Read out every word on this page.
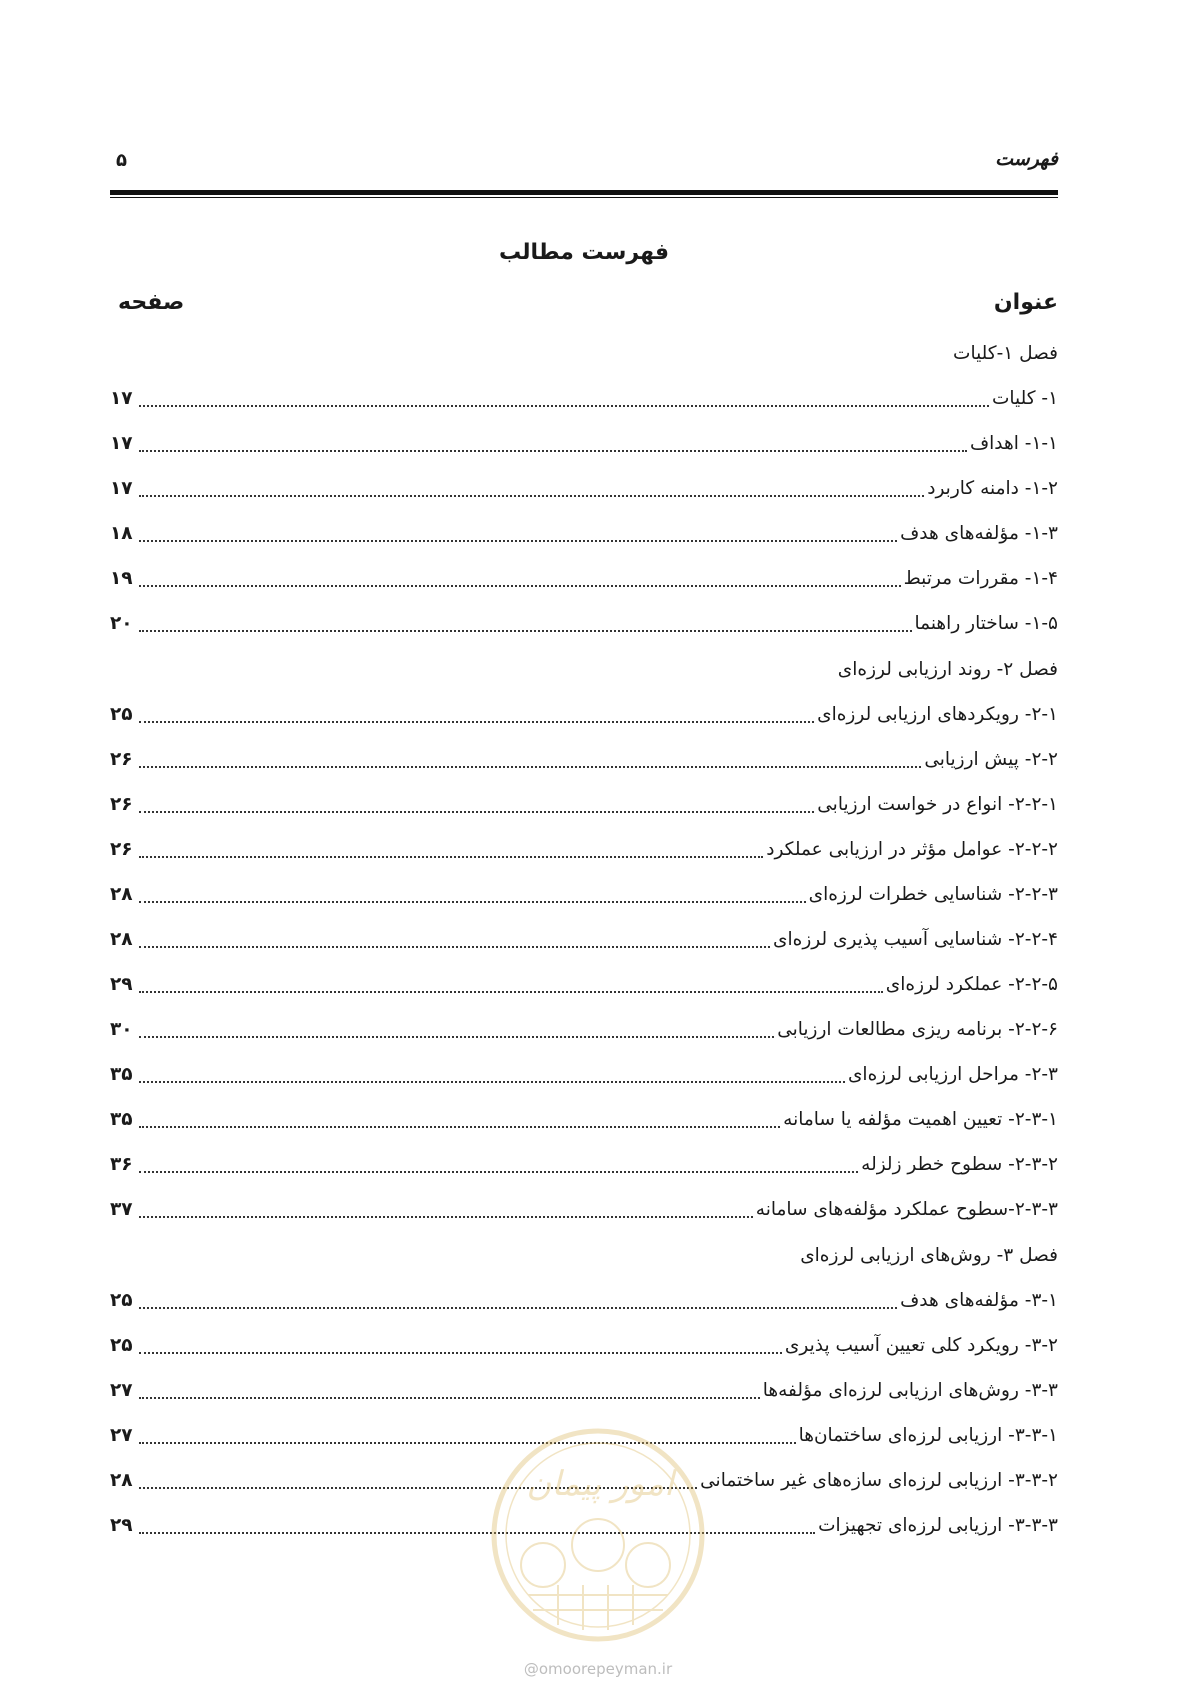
فهرست
۵
فهرست مطالب
عنوان
صفحه
فصل ۱-کلیات
۱- کلیات
۱۷
۱-۱- اهداف
۱۷
۱-۲- دامنه کاربرد
۱۷
۱-۳- مؤلفه‌های هدف
۱۸
۱-۴- مقررات مرتبط
۱۹
۱-۵- ساختار راهنما
۲۰
فصل ۲- روند ارزیابی لرزه‌ای
۲-۱- رویکردهای ارزیابی لرزه‌ای
۲۵
۲-۲- پیش ارزیابی
۲۶
۲-۲-۱- انواع در خواست ارزیابی
۲۶
۲-۲-۲- عوامل مؤثر در ارزیابی عملکرد
۲۶
۲-۲-۳- شناسایی خطرات لرزه‌ای
۲۸
۲-۲-۴- شناسایی آسیب پذیری لرزه‌ای
۲۸
۲-۲-۵- عملکرد لرزه‌ای
۲۹
۲-۲-۶- برنامه ریزی مطالعات ارزیابی
۳۰
۲-۳- مراحل ارزیابی لرزه‌ای
۳۵
۲-۳-۱- تعیین اهمیت مؤلفه یا سامانه
۳۵
۲-۳-۲- سطوح خطر زلزله
۳۶
۲-۳-۳-سطوح عملکرد مؤلفه‌های سامانه
۳۷
فصل ۳- روش‌های ارزیابی لرزه‌ای
۳-۱- مؤلفه‌های هدف
۲۵
۳-۲- رویکرد کلی تعیین آسیب پذیری
۲۵
۳-۳- روش‌های ارزیابی لرزه‌ای مؤلفه‌ها
۲۷
۳-۳-۱- ارزیابی لرزه‌ای ساختمان‌ها
۲۷
۳-۳-۲- ارزیابی لرزه‌ای سازه‌های غیر ساختمانی
۲۸
۳-۳-۳- ارزیابی لرزه‌ای تجهیزات
۲۹
امور پیمان
@omoorepeyman.ir
